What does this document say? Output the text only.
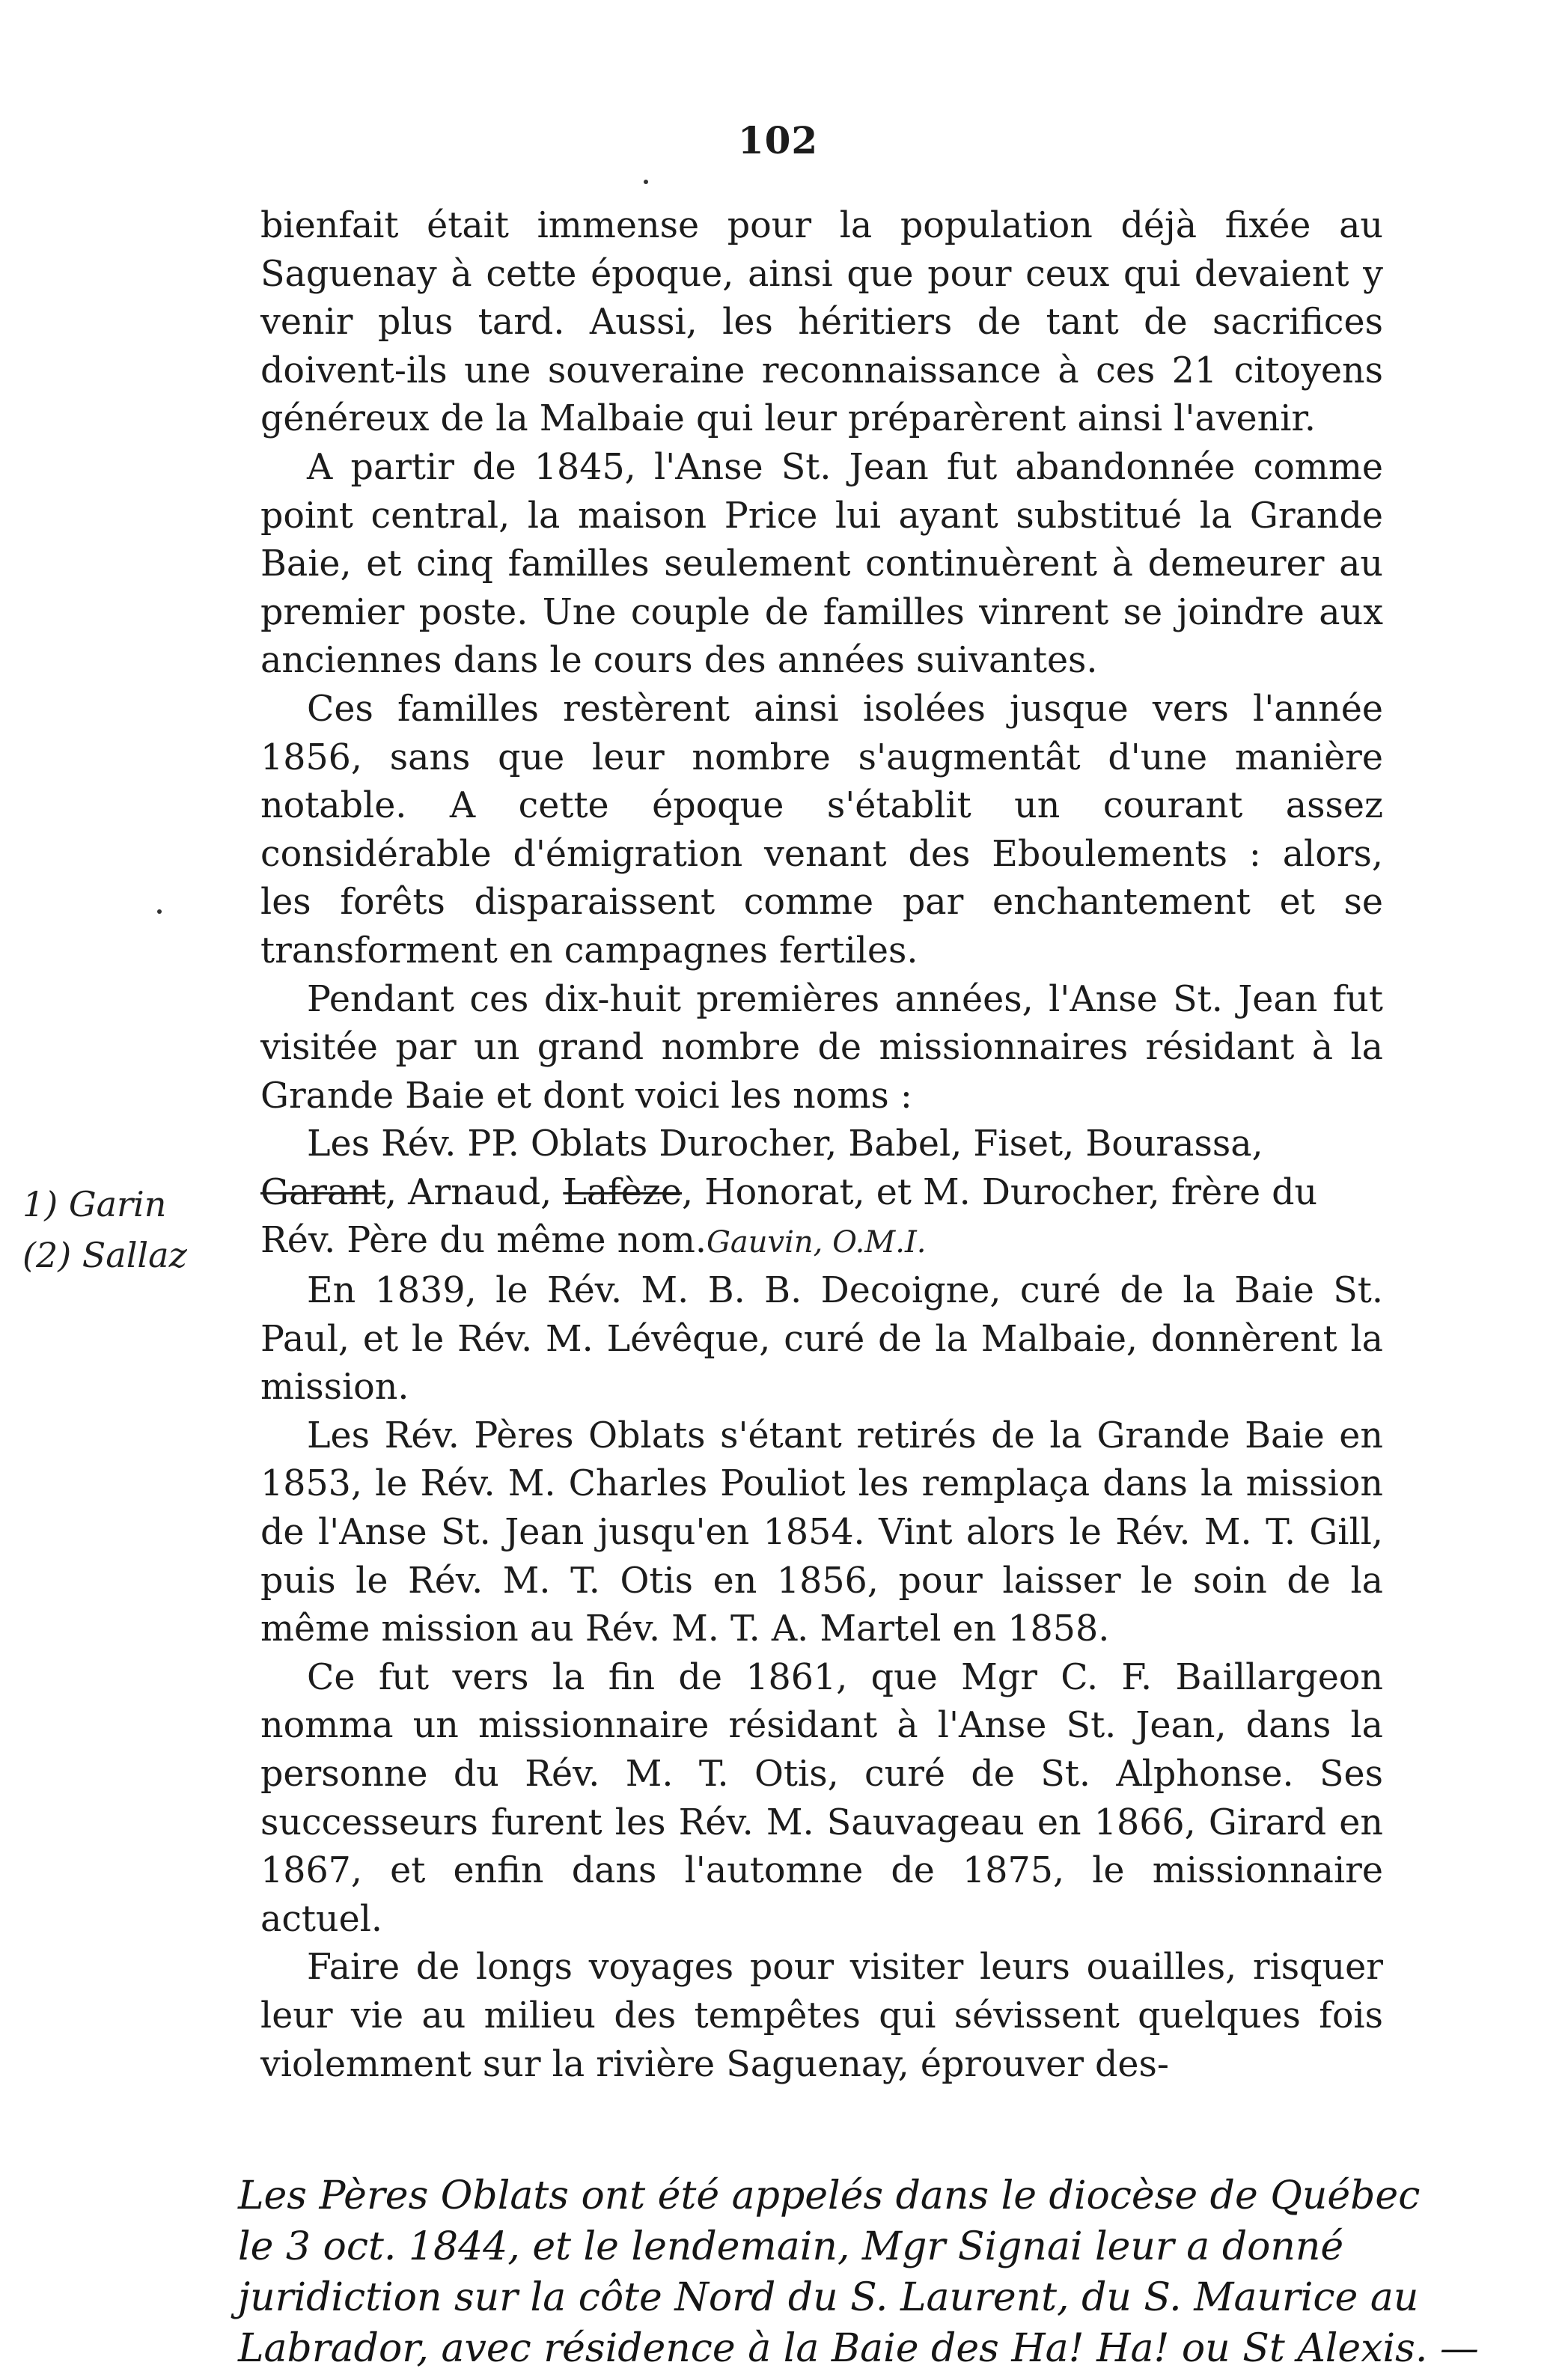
102

bienfait était immense pour la population déjà fixée au Saguenay à cette époque, ainsi que pour ceux qui devaient y venir plus tard. Aussi, les héritiers de tant de sacrifices doivent-ils une souveraine reconnaissance à ces 21 citoyens généreux de la Malbaie qui leur préparèrent ainsi l'avenir.

A partir de 1845, l'Anse St. Jean fut abandonnée comme point central, la maison Price lui ayant substitué la Grande Baie, et cinq familles seulement continuèrent à demeurer au premier poste. Une couple de familles vinrent se joindre aux anciennes dans le cours des années suivantes.

Ces familles restèrent ainsi isolées jusque vers l'année 1856, sans que leur nombre s'augmentât d'une manière notable. A cette époque s'établit un courant assez considérable d'émigration venant des Eboulements : alors, les forêts disparaissent comme par enchantement et se transforment en campagnes fertiles.

Pendant ces dix-huit premières années, l'Anse St. Jean fut visitée par un grand nombre de missionnaires résidant à la Grande Baie et dont voici les noms :

Les Rév. PP. Oblats Durocher, Babel, Fiset, Bourassa,
Garant, Arnaud, Lafèze, Honorat, et M. Durocher, frère du
Rév. Père du même nom.Gauvin, O.M.I.

En 1839, le Rév. M. B. B. Decoigne, curé de la Baie St. Paul, et le Rév. M. Lévêque, curé de la Malbaie, donnèrent la mission.

Les Rév. Pères Oblats s'étant retirés de la Grande Baie en 1853, le Rév. M. Charles Pouliot les remplaça dans la mission de l'Anse St. Jean jusqu'en 1854. Vint alors le Rév. M. T. Gill, puis le Rév. M. T. Otis en 1856, pour laisser le soin de la même mission au Rév. M. T. A. Martel en 1858.

Ce fut vers la fin de 1861, que Mgr C. F. Baillargeon nomma un missionnaire résidant à l'Anse St. Jean, dans la personne du Rév. M. T. Otis, curé de St. Alphonse. Ses successeurs furent les Rév. M. Sauvageau en 1866, Girard en 1867, et enfin dans l'automne de 1875, le missionnaire actuel.

Faire de longs voyages pour visiter leurs ouailles, risquer leur vie au milieu des tempêtes qui sévissent quelques fois violemment sur la rivière Saguenay, éprouver des-

1) Garin
(2) Sallaz
Les Pères Oblats ont été appelés dans le diocèse de Québec
le 3 oct. 1844, et le lendemain, Mgr Signai leur a donné
juridiction sur la côte Nord du S. Laurent, du S. Maurice au
Labrador, avec résidence à la Baie des Ha! Ha! ou St Alexis. —
